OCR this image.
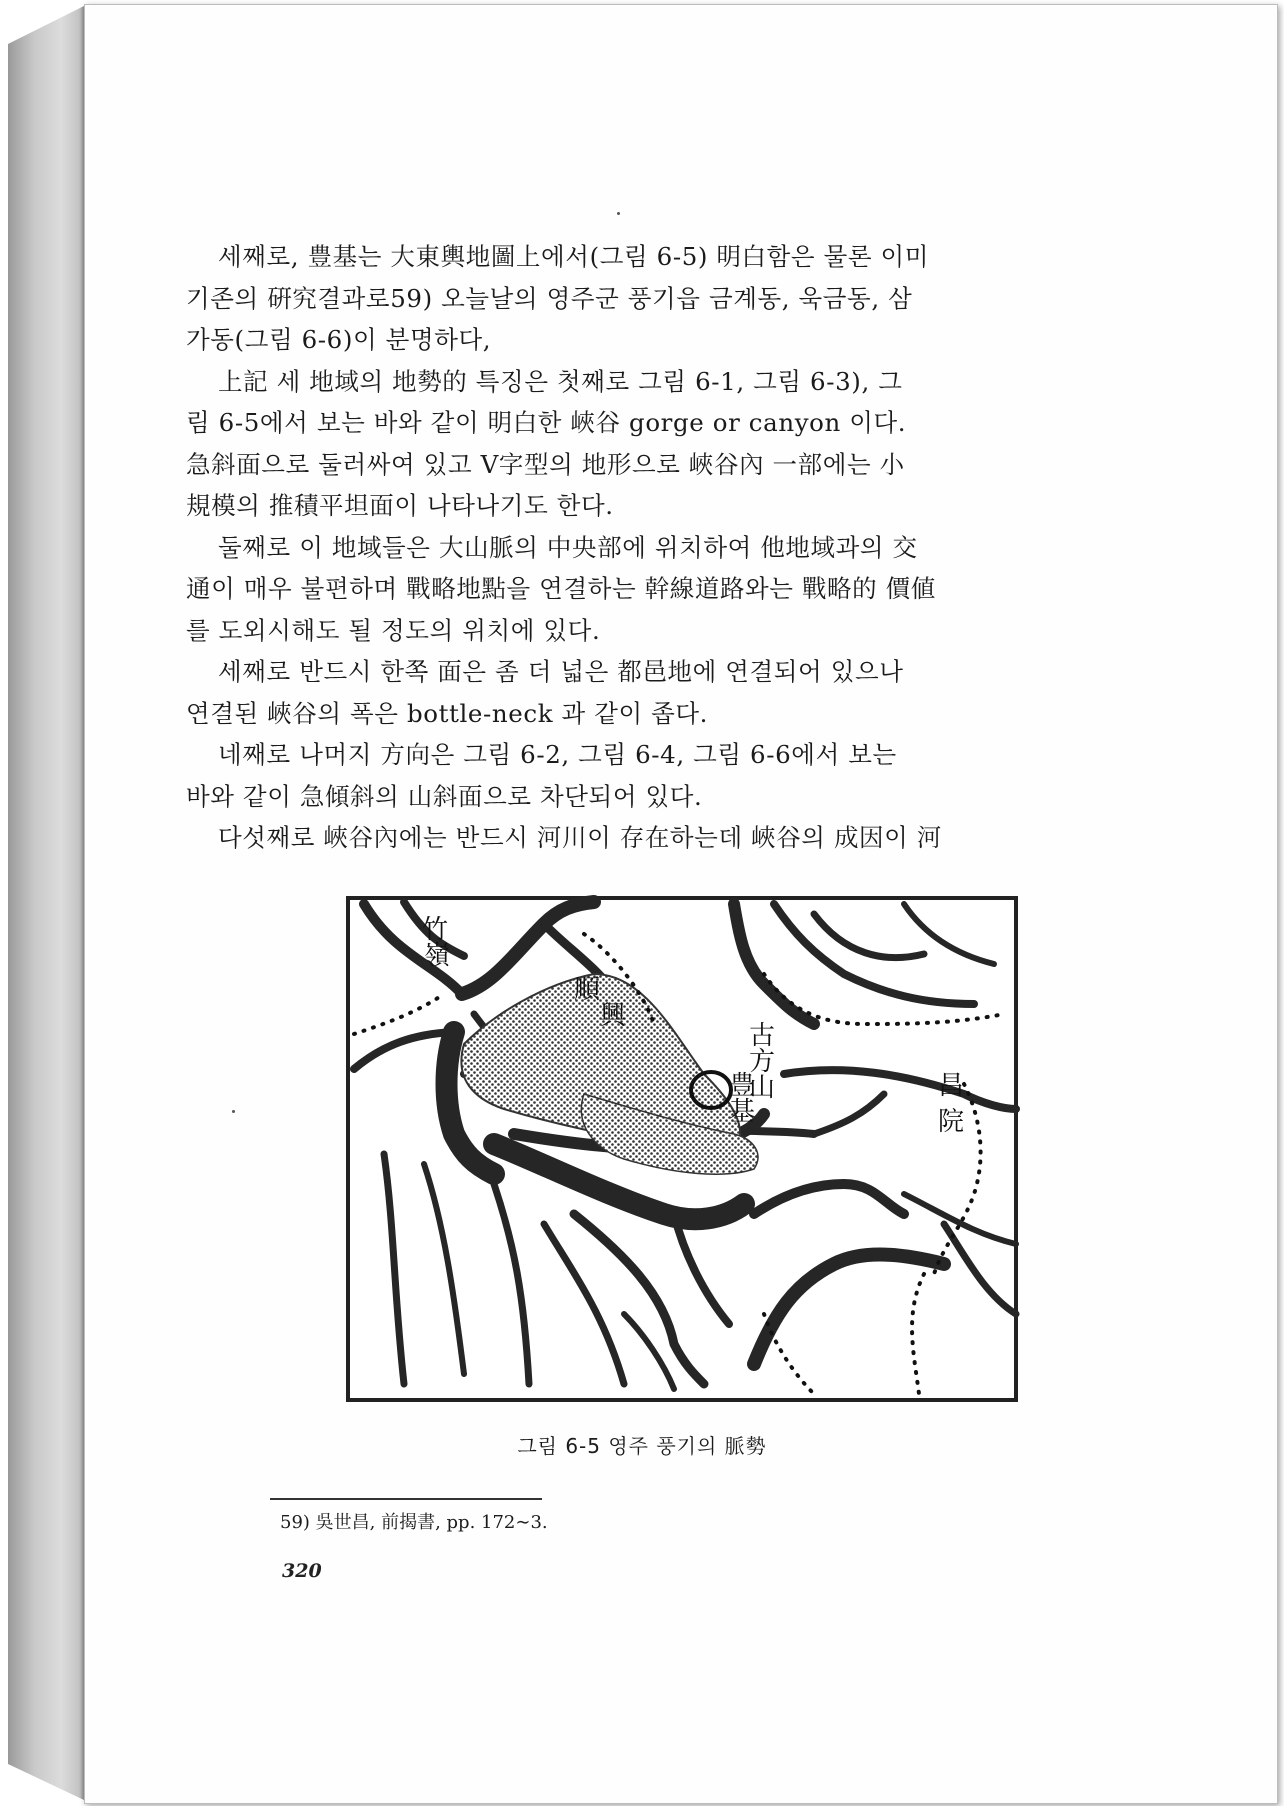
세째로, 豊基는 大東輿地圖上에서(그림 6-5) 明白함은 물론 이미
기존의 硏究결과로59) 오늘날의 영주군 풍기읍 금계동, 욱금동, 삼
가동(그림 6-6)이 분명하다,
上記 세 地域의 地勢的 특징은 첫째로 그림 6-1, 그림 6-3), 그
림 6-5에서 보는 바와 같이 明白한 峽谷 gorge or canyon 이다.
急斜面으로 둘러싸여 있고 V字型의 地形으로 峽谷內 一部에는 小
規模의 推積平坦面이 나타나기도 한다.
둘째로 이 地域들은 大山脈의 中央部에 위치하여 他地域과의 交
通이 매우 불편하며 戰略地點을 연결하는 幹線道路와는 戰略的 價値
를 도외시해도 될 정도의 위치에 있다.
세째로 반드시 한쪽 面은 좀 더 넓은 都邑地에 연결되어 있으나
연결된 峽谷의 폭은 bottle-neck 과 같이 좁다.
네째로 나머지 方向은 그림 6-2, 그림 6-4, 그림 6-6에서 보는
바와 같이 急傾斜의 山斜面으로 차단되어 있다.
다섯째로 峽谷內에는 반드시 河川이 存在하는데 峽谷의 成因이 河
竹
嶺
順
興
古
方
山
豊
基
昌
院
그림 6-5 영주 풍기의 脈勢
59) 吳世昌, 前揭書, pp. 172∼3.
320
